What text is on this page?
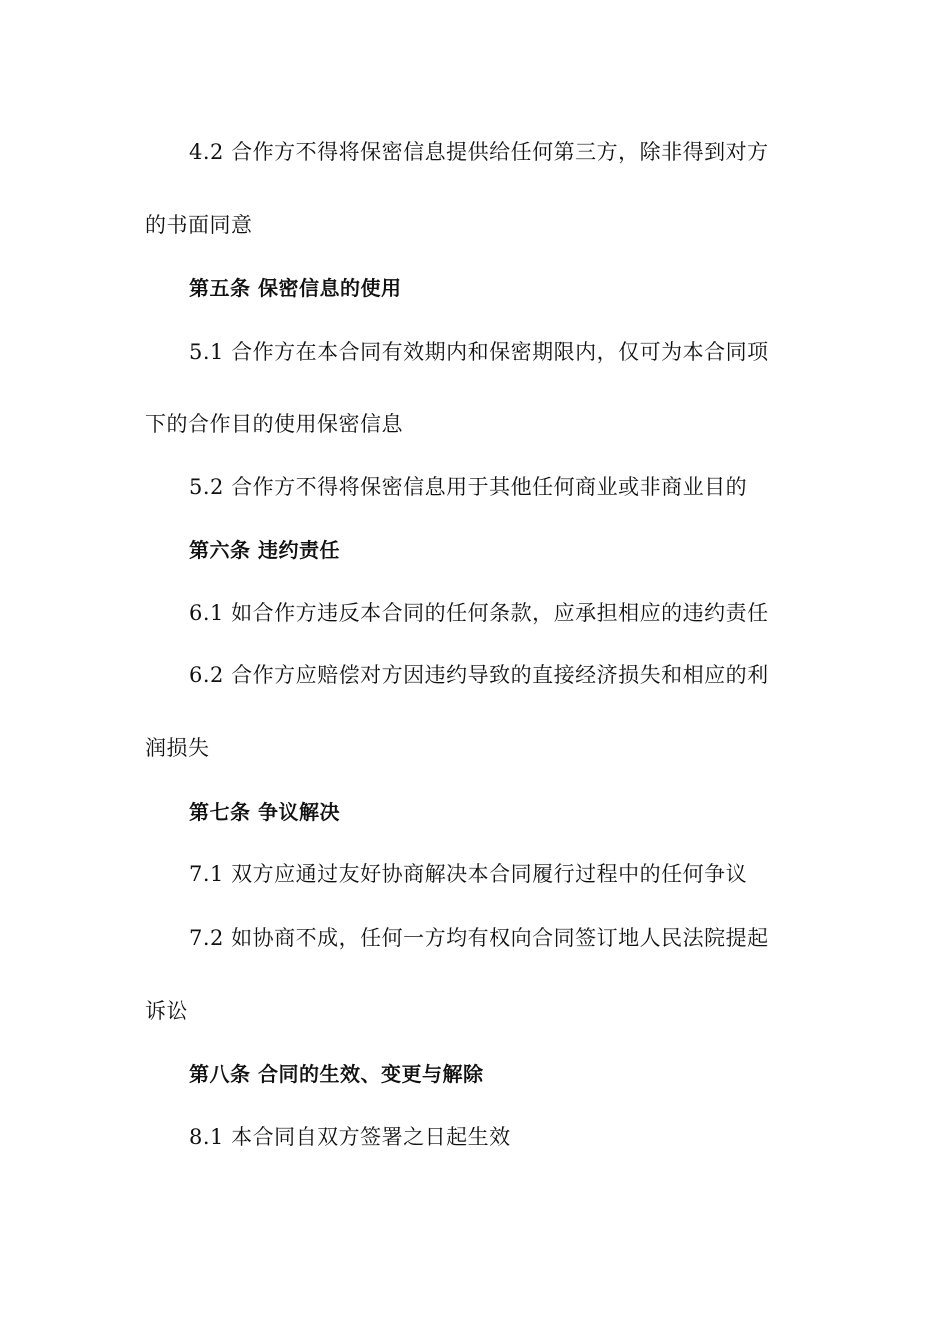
4.2 合作方不得将保密信息提供给任何第三方，除非得到对方
的书面同意
第五条 保密信息的使用
5.1 合作方在本合同有效期内和保密期限内，仅可为本合同项
下的合作目的使用保密信息
5.2 合作方不得将保密信息用于其他任何商业或非商业目的
第六条 违约责任
6.1 如合作方违反本合同的任何条款，应承担相应的违约责任
6.2 合作方应赔偿对方因违约导致的直接经济损失和相应的利
润损失
第七条 争议解决
7.1 双方应通过友好协商解决本合同履行过程中的任何争议
7.2 如协商不成，任何一方均有权向合同签订地人民法院提起
诉讼
第八条 合同的生效、变更与解除
8.1 本合同自双方签署之日起生效
